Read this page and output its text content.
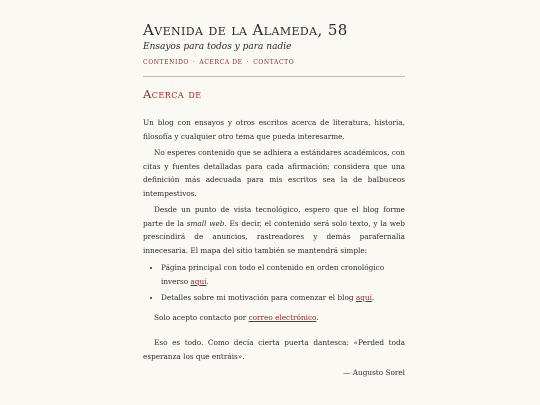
Avenida de la Alameda, 58
Ensayos para todos y para nadie
CONTENIDO · ACERCA DE · CONTACTO
Acerca de

Un blog con ensayos y otros escritos acerca de literatura, historia, filosofía y cualquier otro tema que pueda interesarme.

No esperes contenido que se adhiera a estándares académicos, con citas y fuentes detalladas para cada afirmación; considera que una definición más adecuada para mis escritos sea la de balbuceos intempestivos.

Desde un punto de vista tecnológico, espero que el blog forme parte de la small web. Es decir, el contenido será solo texto, y la web prescindirá de anuncios, rastreadores y demás parafernalia innecesaria. El mapa del sitio también se mantendrá simple:

• Página principal con todo el contenido en orden cronológico inverso aquí.
• Detalles sobre mi motivación para comenzar el blog aquí.

Solo acepto contacto por correo electrónico.

Eso es todo. Como decía cierta puerta dantesca: «Perded toda esperanza los que entráis».

— Augusto Sorel
